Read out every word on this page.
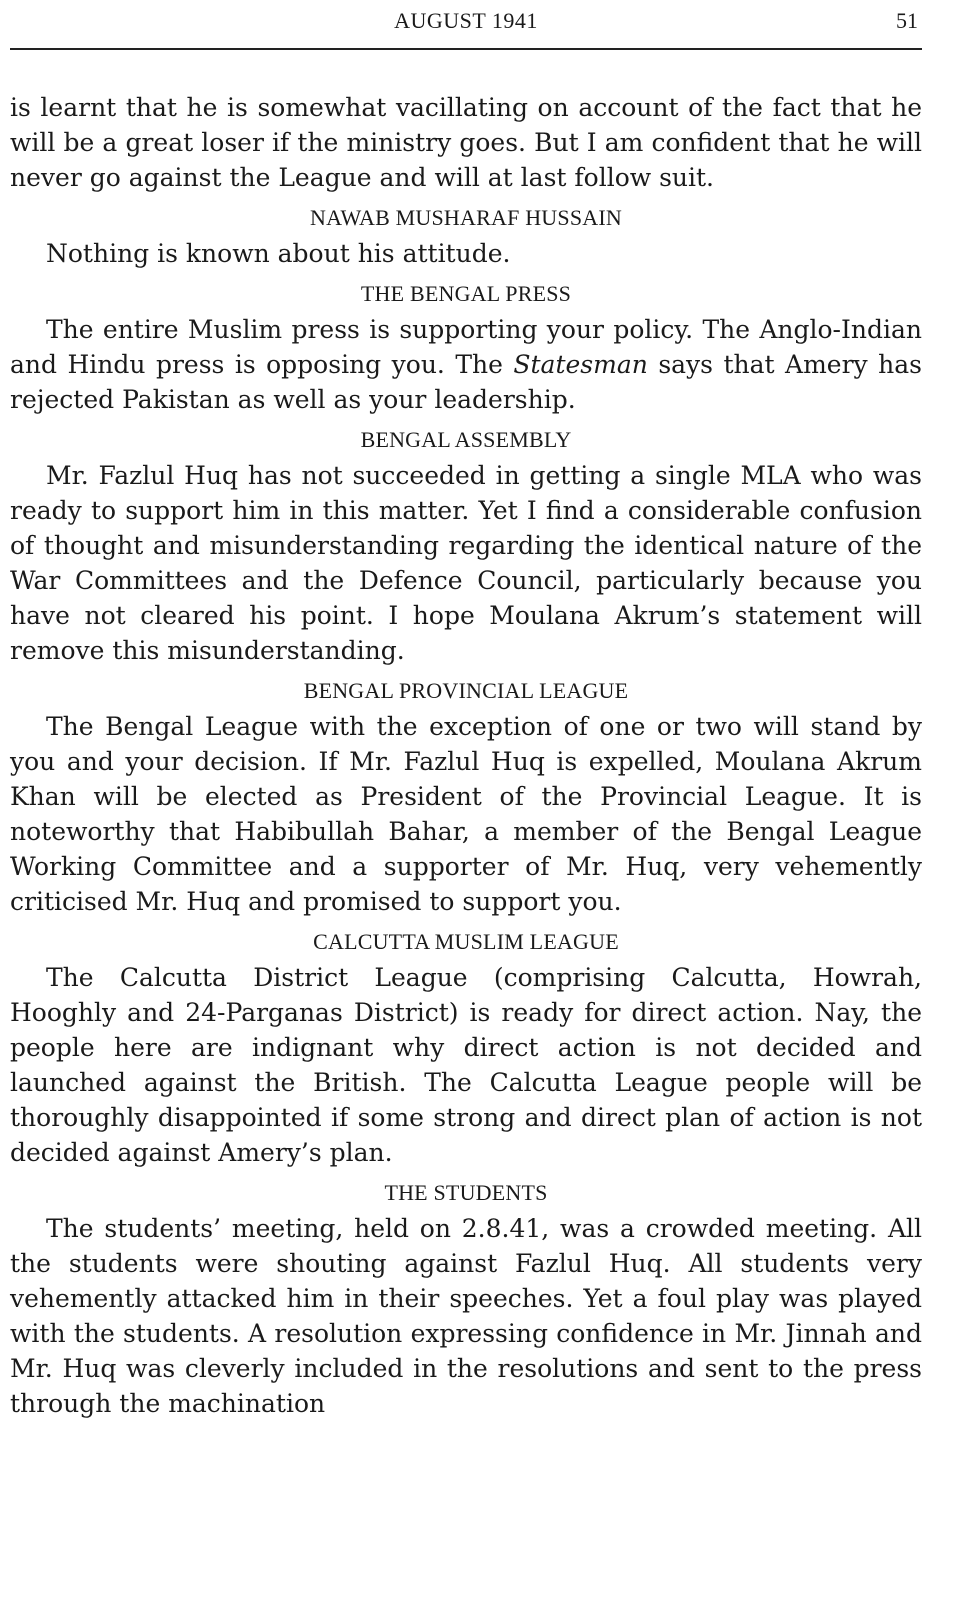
AUGUST 1941	51

is learnt that he is somewhat vacillating on account of the fact that he will be a great loser if the ministry goes. But I am confident that he will never go against the League and will at last follow suit.

NAWAB MUSHARAF HUSSAIN

Nothing is known about his attitude.

THE BENGAL PRESS

The entire Muslim press is supporting your policy. The Anglo-Indian and Hindu press is opposing you. The Statesman says that Amery has rejected Pakistan as well as your leadership.

BENGAL ASSEMBLY

Mr. Fazlul Huq has not succeeded in getting a single MLA who was ready to support him in this matter. Yet I find a considerable confusion of thought and misunderstanding regarding the identical nature of the War Committees and the Defence Council, particularly because you have not cleared his point. I hope Moulana Akrum’s statement will remove this misunderstanding.

BENGAL PROVINCIAL LEAGUE

The Bengal League with the exception of one or two will stand by you and your decision. If Mr. Fazlul Huq is expelled, Moulana Akrum Khan will be elected as President of the Provincial League. It is noteworthy that Habibullah Bahar, a member of the Bengal League Working Committee and a supporter of Mr. Huq, very vehemently criticised Mr. Huq and promised to support you.

CALCUTTA MUSLIM LEAGUE

The Calcutta District League (comprising Calcutta, Howrah, Hooghly and 24-Parganas District) is ready for direct action. Nay, the people here are indignant why direct action is not decided and launched against the British. The Calcutta League people will be thoroughly disappointed if some strong and direct plan of action is not decided against Amery’s plan.

THE STUDENTS

The students’ meeting, held on 2.8.41, was a crowded meeting. All the students were shouting against Fazlul Huq. All students very vehemently attacked him in their speeches. Yet a foul play was played with the students. A resolution expressing confidence in Mr. Jinnah and Mr. Huq was cleverly included in the resolutions and sent to the press through the machination
